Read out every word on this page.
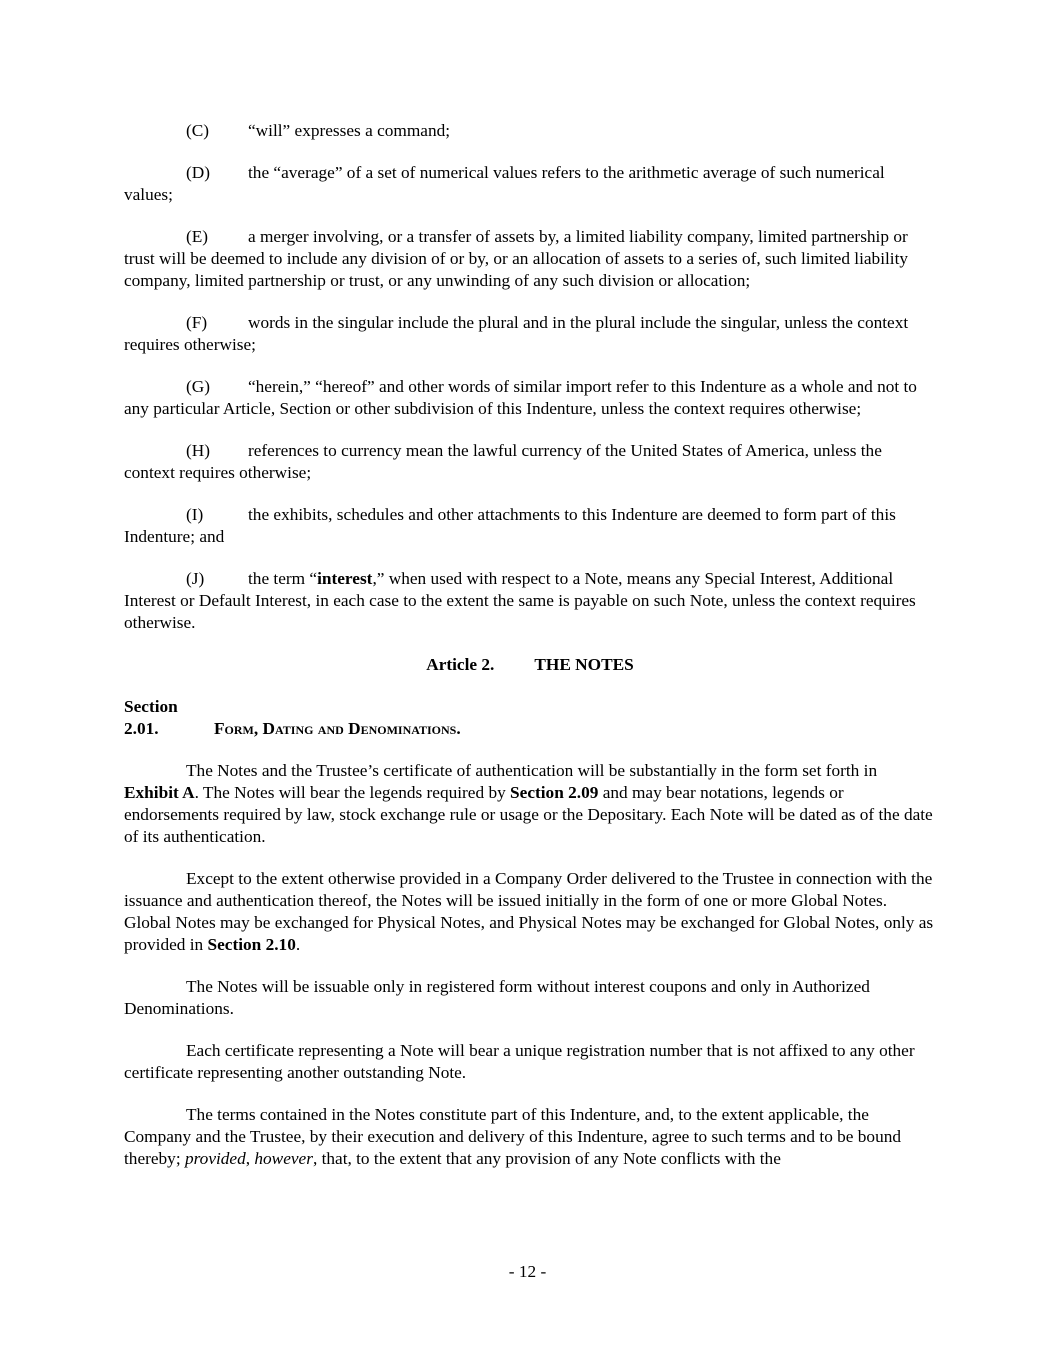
(C) “will” expresses a command;

(D) the “average” of a set of numerical values refers to the arithmetic average of such numerical values;

(E) a merger involving, or a transfer of assets by, a limited liability company, limited partnership or trust will be deemed to include any division of or by, or an allocation of assets to a series of, such limited liability company, limited partnership or trust, or any unwinding of any such division or allocation;

(F) words in the singular include the plural and in the plural include the singular, unless the context requires otherwise;

(G) “herein,” “hereof” and other words of similar import refer to this Indenture as a whole and not to any particular Article, Section or other subdivision of this Indenture, unless the context requires otherwise;

(H) references to currency mean the lawful currency of the United States of America, unless the context requires otherwise;

(I)	the exhibits, schedules and other attachments to this Indenture are deemed to form part of this Indenture; and

(J)	the term “interest,” when used with respect to a Note, means any Special Interest, Additional Interest or Default Interest, in each case to the extent the same is payable on such Note, unless the context requires otherwise.

Article 2. THE NOTES
Section 2.01.	Form, Dating and Denominations.

The Notes and the Trustee’s certificate of authentication will be substantially in the form set forth in Exhibit A. The Notes will bear the legends required by Section 2.09 and may bear notations, legends or endorsements required by law, stock exchange rule or usage or the Depositary. Each Note will be dated as of the date of its authentication.

Except to the extent otherwise provided in a Company Order delivered to the Trustee in connection with the issuance and authentication thereof, the Notes will be issued initially in the form of one or more Global Notes. Global Notes may be exchanged for Physical Notes, and Physical Notes may be exchanged for Global Notes, only as provided in Section 2.10.

The Notes will be issuable only in registered form without interest coupons and only in Authorized Denominations.

Each certificate representing a Note will bear a unique registration number that is not affixed to any other certificate representing another outstanding Note.

The terms contained in the Notes constitute part of this Indenture, and, to the extent applicable, the Company and the Trustee, by their execution and delivery of this Indenture, agree to such terms and to be bound thereby; provided, however, that, to the extent that any provision of any Note conflicts with the

- 12 -
